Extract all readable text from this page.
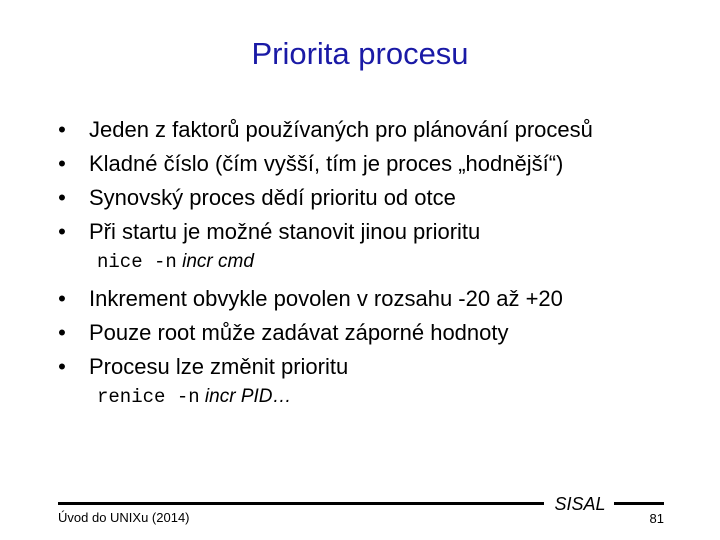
Priorita procesu
• Jeden z faktorů používaných pro plánování procesů
• Kladné číslo (čím vyšší, tím je proces „hodnější“)
• Synovský proces dědí prioritu od otce
• Při startu je možné stanovit jinou prioritu
nice -n incr cmd
• Inkrement obvykle povolen v rozsahu -20 až +20
• Pouze root může zadávat záporné hodnoty
• Procesu lze změnit prioritu
renice -n incr PID…
Úvod do UNIXu (2014)
SISAL
81
